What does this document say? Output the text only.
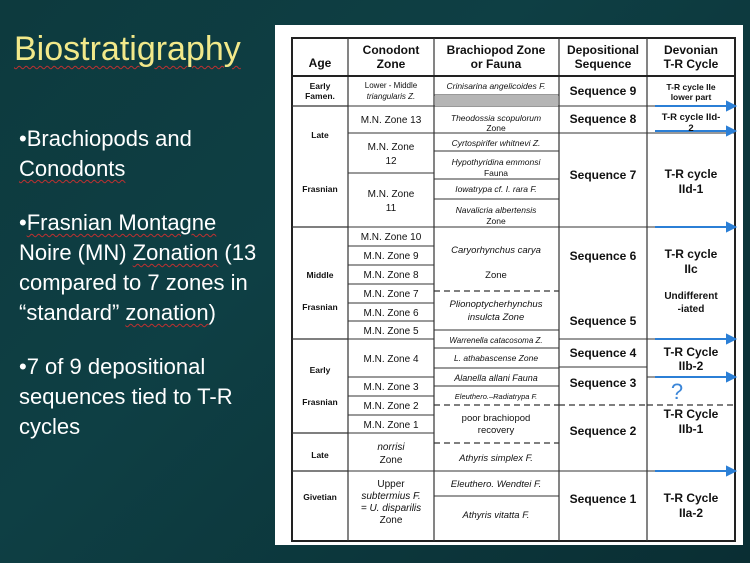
Biostratigraphy

•Brachiopods and Conodonts

•Frasnian Montagne Noire (MN) Zonation (13 compared to 7 zones in “standard” zonation)

•7 of 9 depositional sequences tied to T-R cycles

Age
Conodont
Zone
Brachiopod Zone
or Fauna
Depositional
Sequence
Devonian
T-R Cycle
Early
Famen.
Late
Frasnian
Middle
Frasnian
Early
Frasnian
Late
Givetian
Lower - Middle
triangularis Z.
M.N. Zone 13
M.N. Zone
12
M.N. Zone
11
M.N. Zone 10
M.N. Zone 9
M.N. Zone 8
M.N. Zone 7
M.N. Zone 6
M.N. Zone 5
M.N. Zone 4
M.N. Zone 3
M.N. Zone 2
M.N. Zone 1
norrisi
Zone
Upper
subtermius F.
= U. disparilis
Zone
Crinisarina angelicoides F.
Theodossia scopulorum
Zone
Cyrtospirifer whitnevi Z.
Hypothyridina emmonsi
Fauna
Iowatrypa cf. I. rara F.
Navalicria albertensis
Zone
Caryorhynchus carya
Zone
Plionoptycherhynchus
insulcta Zone
Warrenella catacosoma Z.
L. athabascense Zone
Alanella allani Fauna
Eleuthero.–Radiatrypa F.
poor brachiopod
recovery
Athyris simplex F.
Eleuthero. Wendtei F.
Athyris vitatta F.
Sequence 9
Sequence 8
Sequence 7
Sequence 6
Sequence 5
Sequence 4
Sequence 3
Sequence 2
Sequence 1
T-R cycle IIe
lower part
T-R cycle IId-
2
T-R cycle
IId-1
T-R cycle
IIc
Undifferent
-iated
T-R Cycle
IIb-2
?
T-R Cycle
IIb-1
T-R Cycle
IIa-2
